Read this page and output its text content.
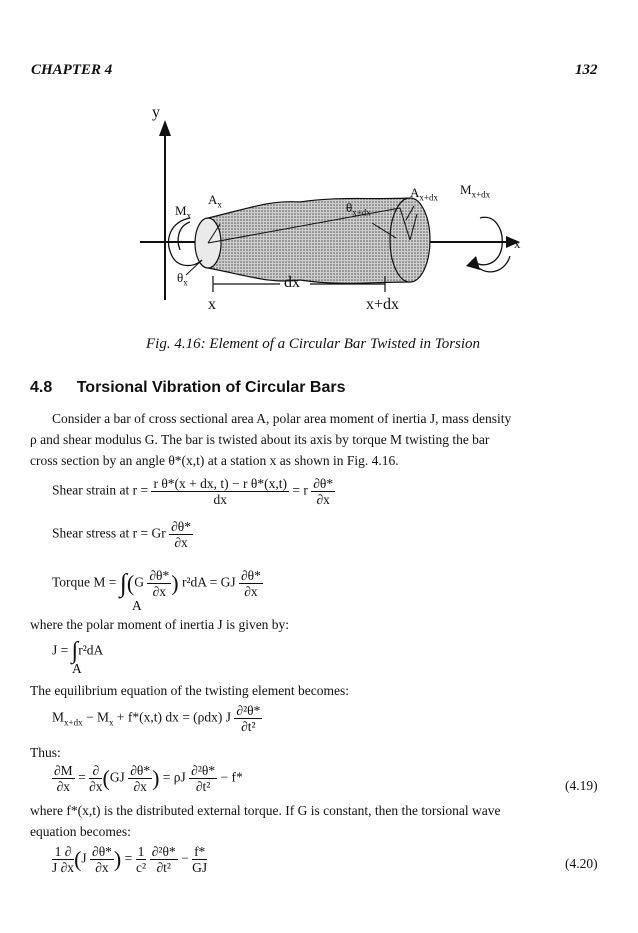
CHAPTER 4	132
y
x
$M_x$
$A_x$
$\theta_x$
$\theta_{x+dx}$
$A_{x+dx}$
$M_{x+dx}$
dx
x	x+dx
Fig. 4.16: Element of a Circular Bar Twisted in Torsion
4.8 Torsional Vibration of Circular Bars
Consider a bar of cross sectional area A, polar area moment of inertia J, mass density
ρ and shear modulus G. The bar is twisted about its axis by torque M twisting the bar
cross section by an angle θ*(x,t) at a station x as shown in Fig. 4.16.
Shear strain at $r = \frac{\text{r θ*(x + dx, t) − r θ*(x,t)}}{dx} = r \frac{\partial\theta*}{\partial x}$
Shear stress at r = Gr $\frac{\partial\theta*}{\partial x}$
Torque $M = \int(G \frac{\partial\theta*}{\partial x}$ ) r²dA = GJ $\frac{\partial\theta*}{\partial x}$
A
where the polar moment of inertia J is given by:
J = ∫r²dA
A
The equilibrium equation of the twisting element becomes:
$M_{x+dx} - M_x + f*(x,t)$ dx = (ρdx) J $\frac{\text{∂²θ*}}{\text{∂t²}}$
Thus:
$\frac{\partial M}{\partial x} = \frac{\partial}{\partial x} (GJ \frac{\partial\theta*}{\partial x}$ ) = ρJ $\frac{\text{∂²θ*}}{\text{∂t²}} - f*$
(4.19)
where f*(x,t) is the distributed external torque. If G is constant, then the torsional wave
equation becomes:
$\frac{1 \partial}{J \partial x} (J \frac{\partial\theta*}{\partial x}$ ) = $\frac{1}{\text{c²}}$
$\frac{\text{∂²θ*}}{\text{∂t²}} - \frac{f*}{GJ}$	(4.20)
